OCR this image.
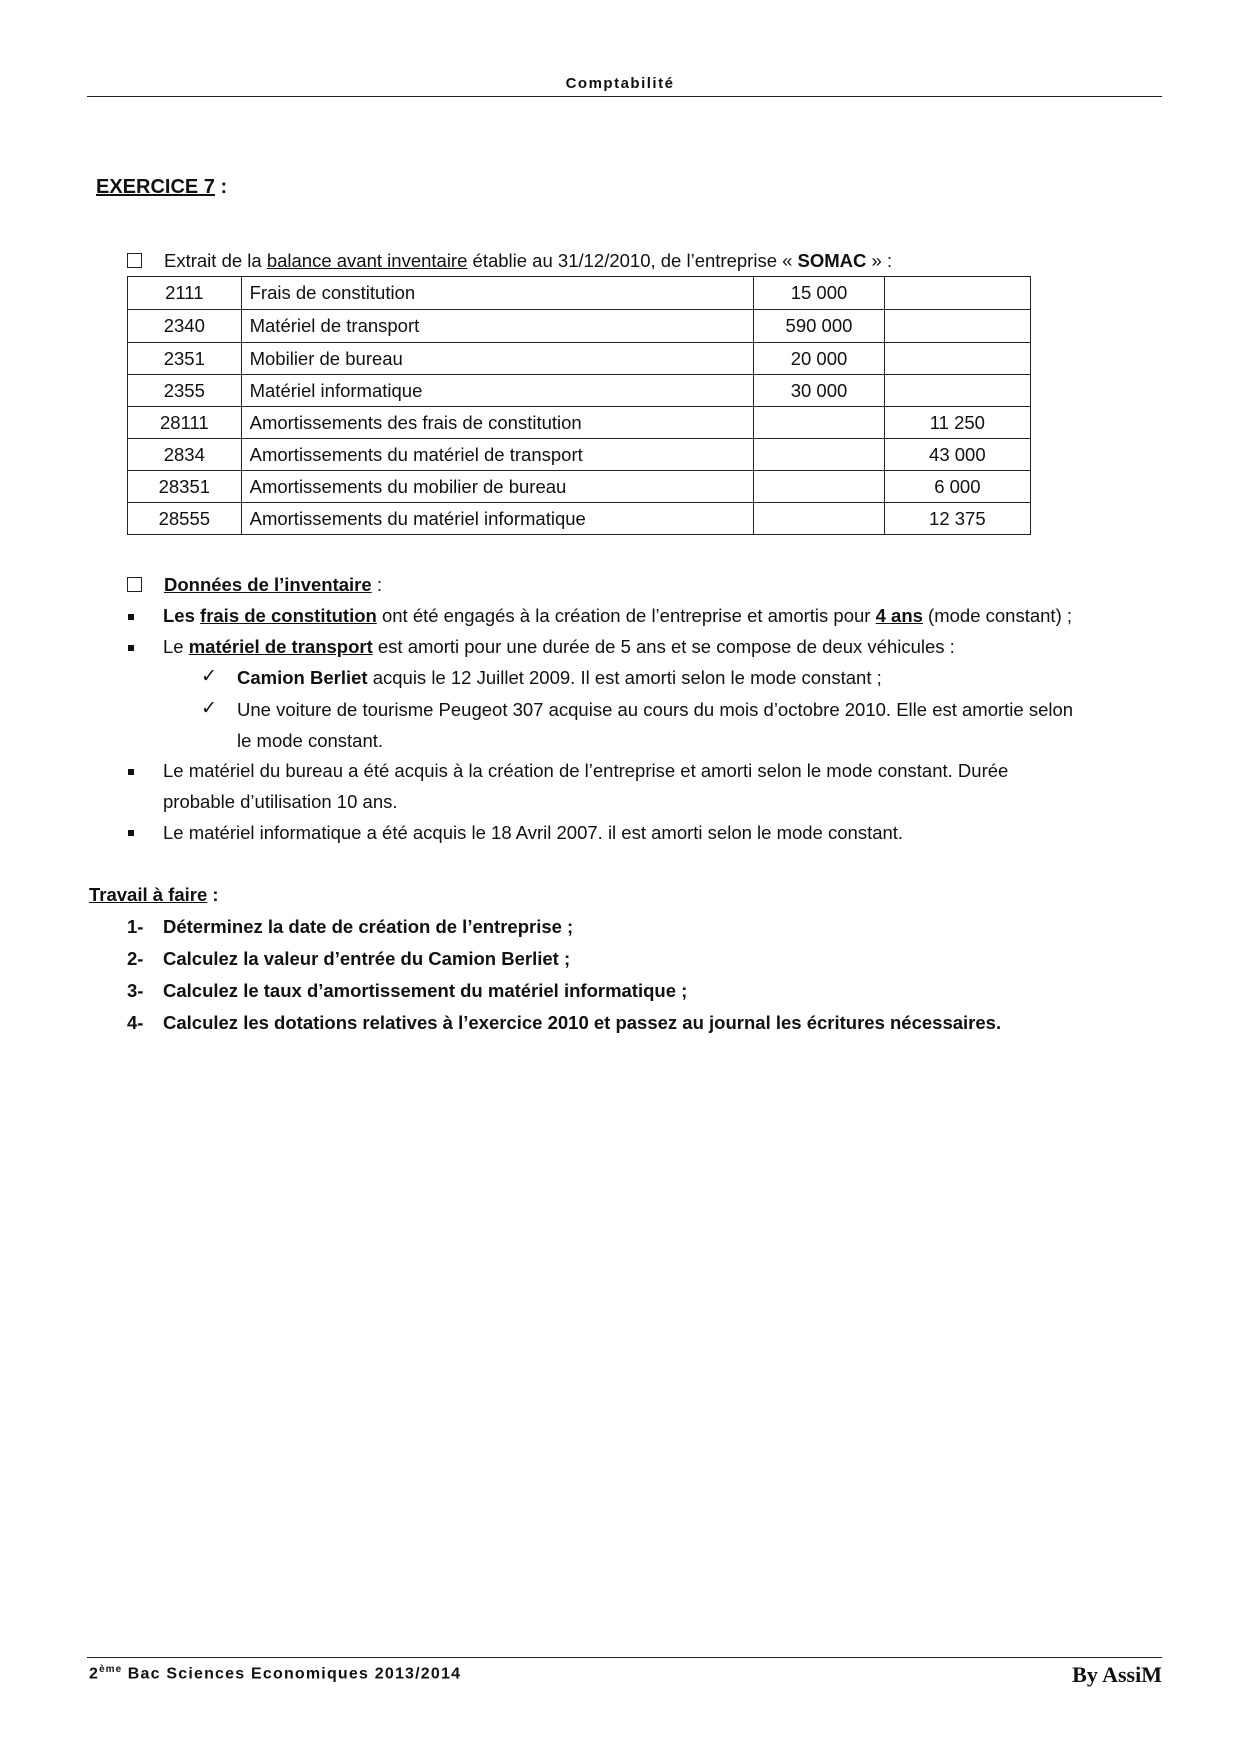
Comptabilité
EXERCICE 7 :
Extrait de la balance avant inventaire établie au 31/12/2010, de l’entreprise « SOMAC » :
2111	Frais de constitution	15 000	
2340	Matériel de transport	590 000	
2351	Mobilier de bureau	20 000	
2355	Matériel informatique	30 000	
28111	Amortissements des frais de constitution		11 250
2834	Amortissements du matériel de transport		43 000
28351	Amortissements du mobilier de bureau		6 000
28555	Amortissements du matériel informatique		12 375
Données de l’inventaire :
Les frais de constitution ont été engagés à la création de l’entreprise et amortis pour 4 ans (mode constant) ;
Le matériel de transport est amorti pour une durée de 5 ans et se compose de deux véhicules :
✓ Camion Berliet acquis le 12 Juillet 2009. Il est amorti selon le mode constant ;
✓ Une voiture de tourisme Peugeot 307 acquise au cours du mois d’octobre 2010. Elle est amortie selon
le mode constant.
Le matériel du bureau a été acquis à la création de l’entreprise et amorti selon le mode constant. Durée
probable d’utilisation 10 ans.
Le matériel informatique a été acquis le 18 Avril 2007. il est amorti selon le mode constant.
Travail à faire :
1- Déterminez la date de création de l’entreprise ;
2- Calculez la valeur d’entrée du Camion Berliet ;
3- Calculez le taux d’amortissement du matériel informatique ;
4- Calculez les dotations relatives à l’exercice 2010 et passez au journal les écritures nécessaires.
2ème Bac Sciences Economiques 2013/2014	By AssiM
